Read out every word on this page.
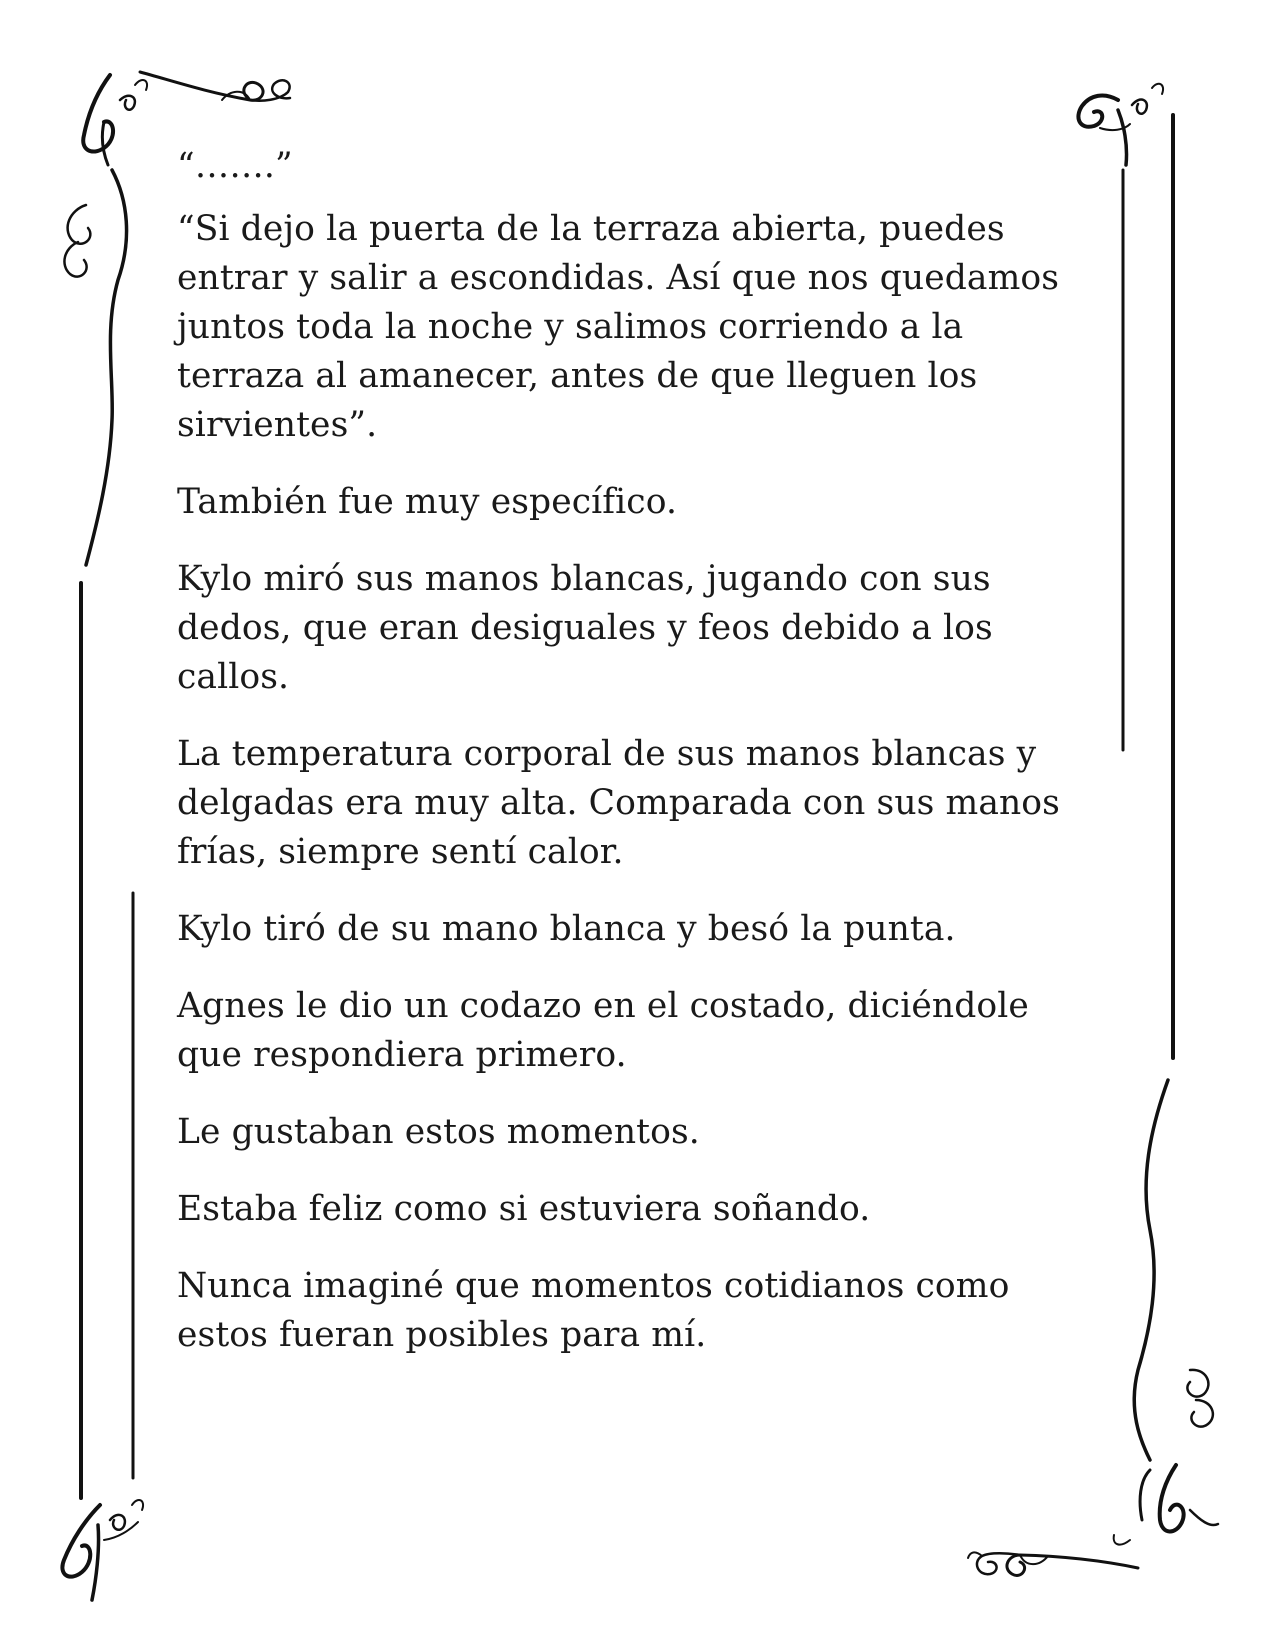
“…….”

“Si dejo la puerta de la terraza abierta, puedes entrar y salir a escondidas. Así que nos quedamos juntos toda la noche y salimos corriendo a la terraza al amanecer, antes de que lleguen los sirvientes”.

También fue muy específico.

Kylo miró sus manos blancas, jugando con sus dedos, que eran desiguales y feos debido a los callos.

La temperatura corporal de sus manos blancas y delgadas era muy alta. Comparada con sus manos frías, siempre sentí calor.

Kylo tiró de su mano blanca y besó la punta.

Agnes le dio un codazo en el costado, diciéndole que respondiera primero.

Le gustaban estos momentos.

Estaba feliz como si estuviera soñando.

Nunca imaginé que momentos cotidianos como estos fueran posibles para mí.
